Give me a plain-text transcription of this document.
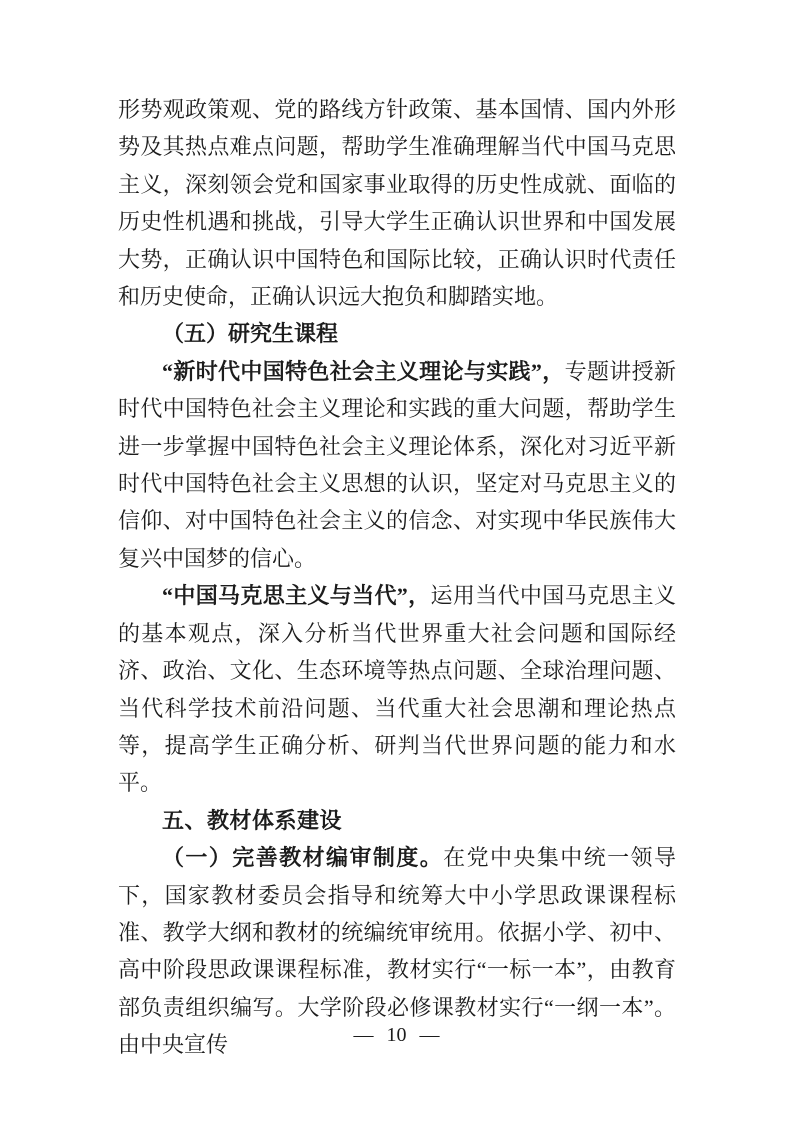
形势观政策观、党的路线方针政策、基本国情、国内外形势及其热点难点问题，帮助学生准确理解当代中国马克思主义，深刻领会党和国家事业取得的历史性成就、面临的历史性机遇和挑战，引导大学生正确认识世界和中国发展大势，正确认识中国特色和国际比较，正确认识时代责任和历史使命，正确认识远大抱负和脚踏实地。

（五）研究生课程

“新时代中国特色社会主义理论与实践”，专题讲授新时代中国特色社会主义理论和实践的重大问题，帮助学生进一步掌握中国特色社会主义理论体系，深化对习近平新时代中国特色社会主义思想的认识，坚定对马克思主义的信仰、对中国特色社会主义的信念、对实现中华民族伟大复兴中国梦的信心。

“中国马克思主义与当代”，运用当代中国马克思主义的基本观点，深入分析当代世界重大社会问题和国际经济、政治、文化、生态环境等热点问题、全球治理问题、当代科学技术前沿问题、当代重大社会思潮和理论热点等，提高学生正确分析、研判当代世界问题的能力和水平。

五、教材体系建设

（一）完善教材编审制度。在党中央集中统一领导下，国家教材委员会指导和统筹大中小学思政课课程标准、教学大纲和教材的统编统审统用。依据小学、初中、高中阶段思政课课程标准，教材实行“一标一本”，由教育部负责组织编写。大学阶段必修课教材实行“一纲一本”。由中央宣传	— 10 —
